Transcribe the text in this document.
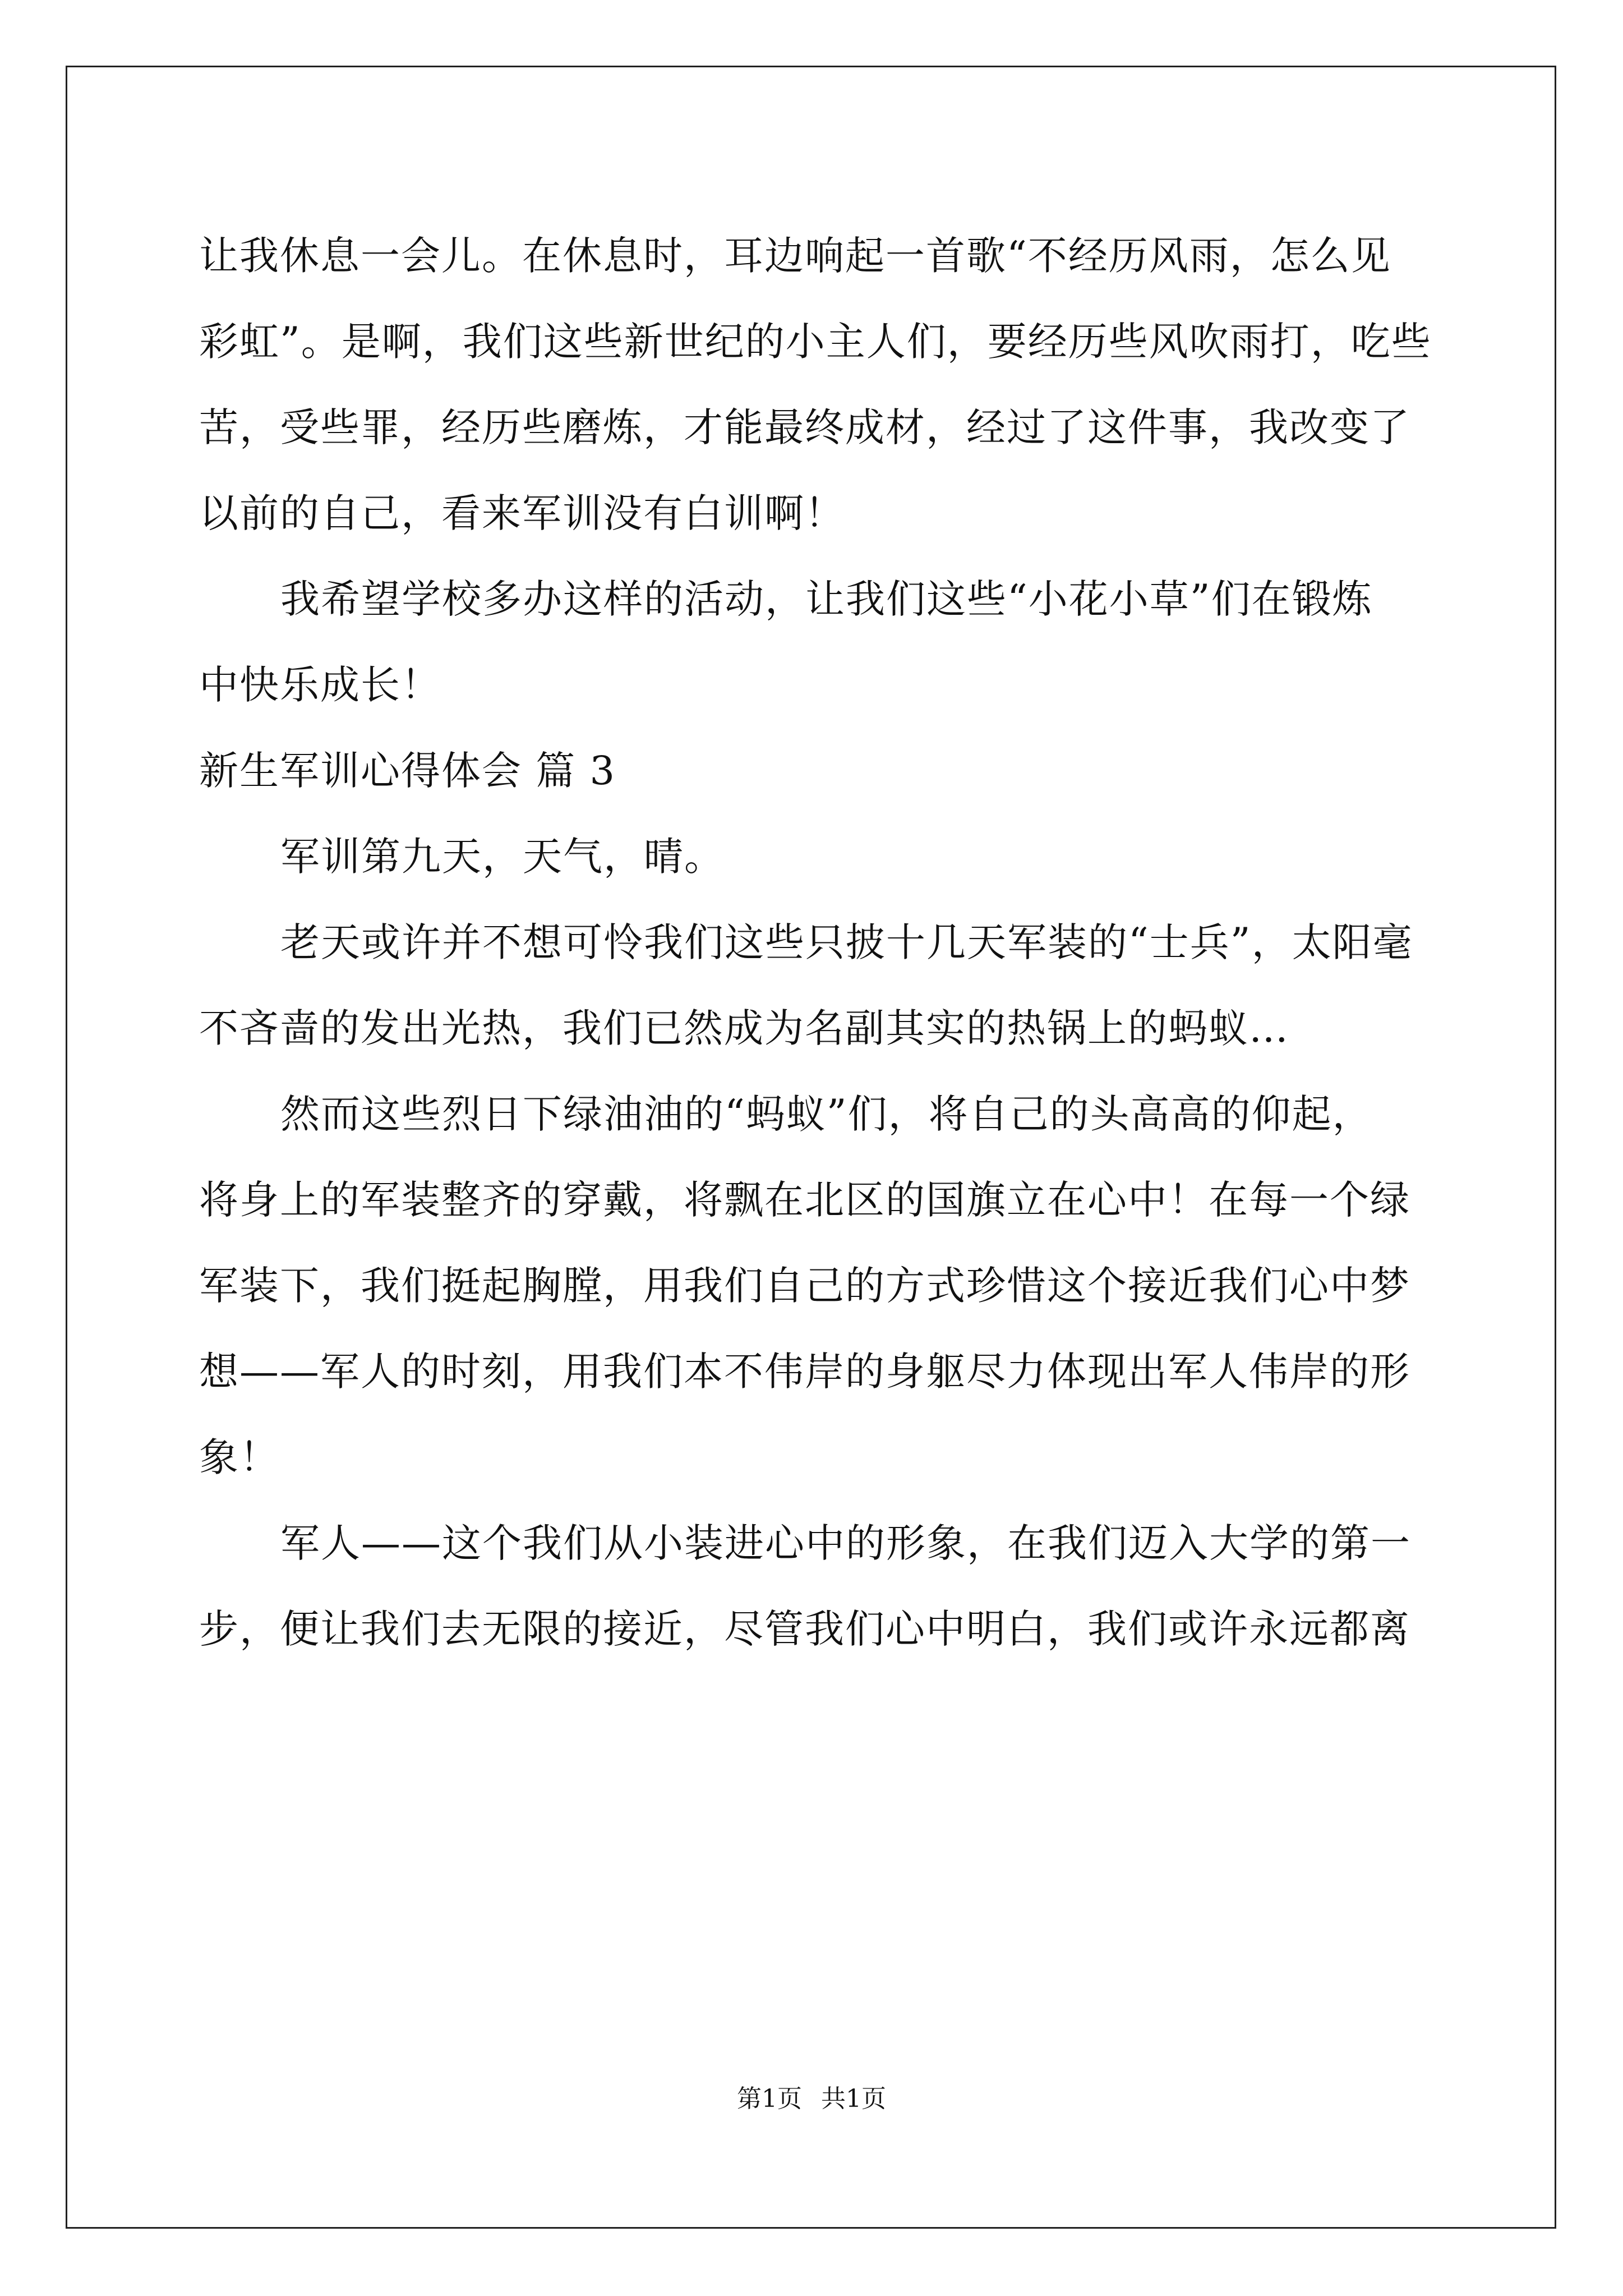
让我休息一会儿。在休息时，耳边响起一首歌“不经历风雨，怎么见
彩虹”。是啊，我们这些新世纪的小主人们，要经历些风吹雨打，吃些
苦，受些罪，经历些磨炼，才能最终成材，经过了这件事，我改变了
以前的自己，看来军训没有白训啊！
我希望学校多办这样的活动，让我们这些“小花小草”们在锻炼
中快乐成长！
新生军训心得体会 篇 3
军训第九天，天气，晴。
老天或许并不想可怜我们这些只披十几天军装的“士兵”，太阳毫
不吝啬的发出光热，我们已然成为名副其实的热锅上的蚂蚁…
然而这些烈日下绿油油的“蚂蚁”们，将自己的头高高的仰起，
将身上的军装整齐的穿戴，将飘在北区的国旗立在心中！在每一个绿
军装下，我们挺起胸膛，用我们自己的方式珍惜这个接近我们心中梦
想——军人的时刻，用我们本不伟岸的身躯尽力体现出军人伟岸的形
象！
军人——这个我们从小装进心中的形象，在我们迈入大学的第一
步，便让我们去无限的接近，尽管我们心中明白，我们或许永远都离
第1页 共1页
